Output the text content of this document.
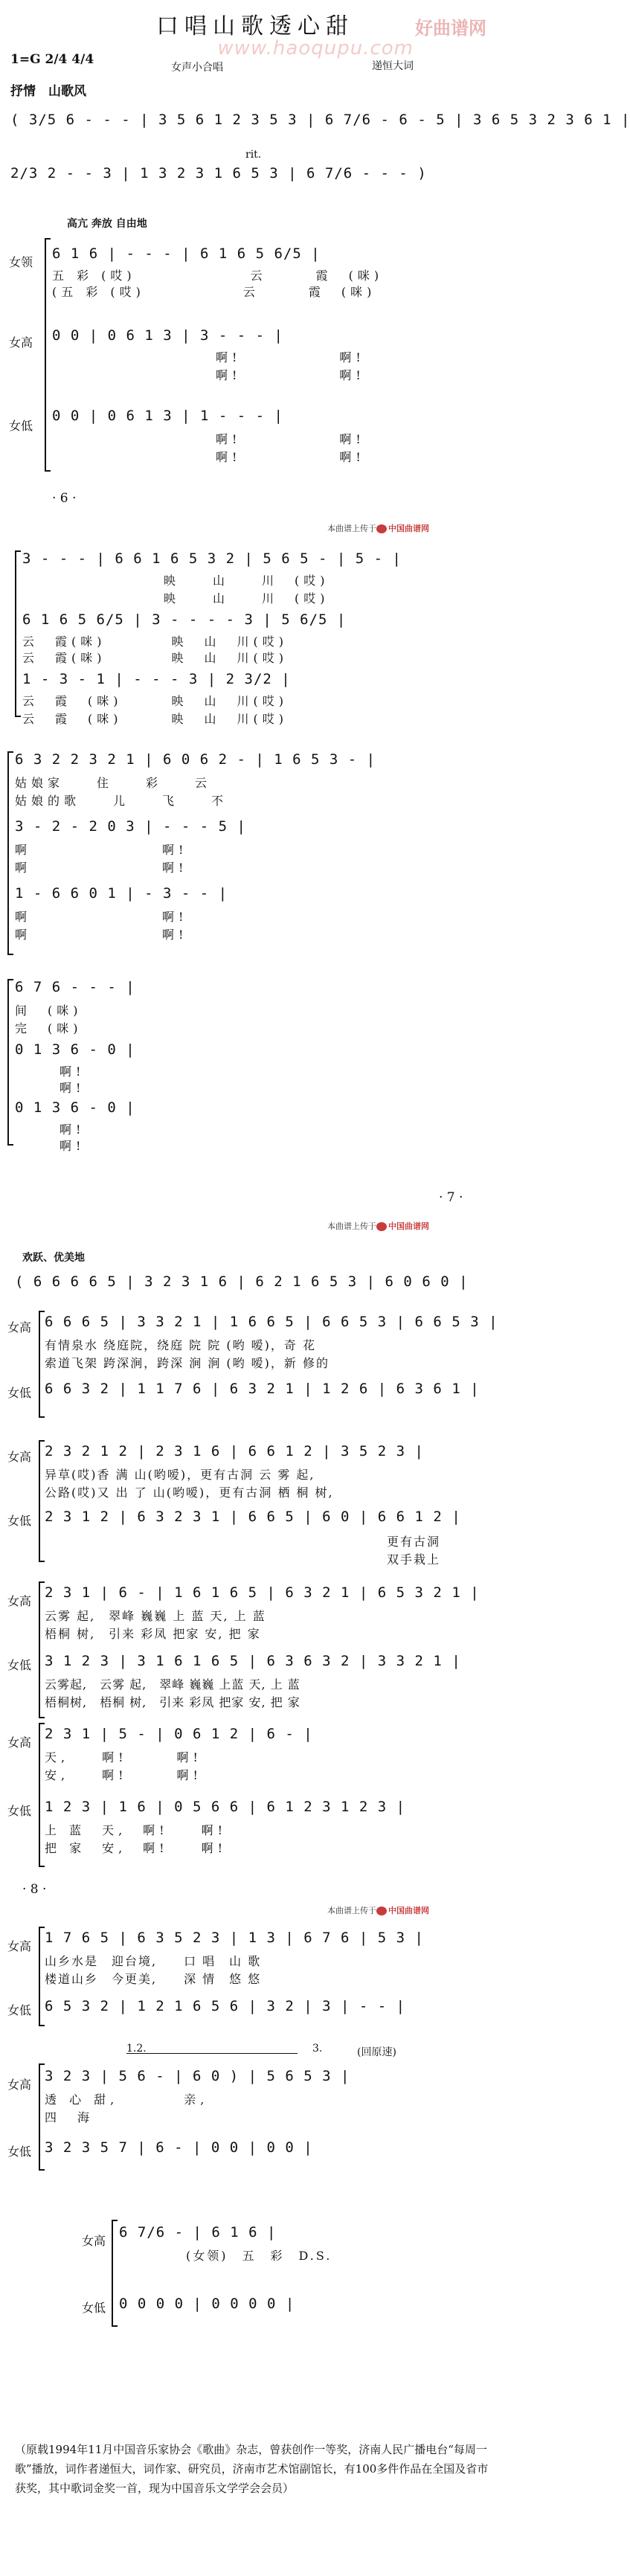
口唱山歌透心甜	好曲谱网
www.haoqupu.com
1=G 2/4 4/4
女声小合唱	递恒大词
抒情　山歌风
( 3/5 6 - - - | 3 5 6 1 2 3 5 3 | 6 7/6 - 6 - 5 | 3 6 5 3 2 3 6 1 |
2/3 2 - - 3 | 1 3 2 3 1 6 5 3 | 6 7/6 - - - )
rit.
高亢 奔放 自由地
女领
6 1 6 | - - - | 6 1 6 5 6/5 |
五 彩 (哎)　　　　　　　云　　　霞　(咪)
(五 彩 (哎)　　　　　　云　　　霞　(咪)
女高 0 0 | 0 6 1 3 | 3 - - - |
啊!　　　　　　啊!
啊!　　　　　　啊!
女低
0 0 | 0 6 1 3 | 1 - - - |
啊!　　　　　　啊!
啊!　　　　　　啊!
· 6 ·
本曲谱上传于 中国曲谱网
3 - - - | 6 6 1 6 5 3 2 | 5 6 5 - | 5 - |
映　　山　　川　(哎)
映　　山　　川　(哎)
6 1 6 5 6/5 | 3 - - - - 3 | 5 6/5 |
云　霞(咪)　　　　映　山　川(哎)
云　霞(咪)　　　　映　山　川(哎)
1 - 3 - 1 | - - - 3 | 2 3/2 |
云　霞　(咪)　　　映　山　川(哎)
云　霞　(咪)　　　映　山　川(哎)
6 3 2 2 3 2 1 | 6 0 6 2 - | 1 6 5 3 - |
姑娘家　　住　　彩　　云
姑娘的歌　　儿　　飞　　不
3 - 2 - 2 0 3 | - - - 5 |
啊　　　　　　　　啊!
啊　　　　　　　　啊!
1 - 6 6 0 1 | - 3 - - |
啊　　　　　　　　啊!
啊　　　　　　　　啊!
6 7 6 - - - |
间　(咪)
完　(咪)
0 1 3 6 - 0 |
啊!
啊!
0 1 3 6 - 0 |
啊!
啊!
· 7 ·
本曲谱上传于 中国曲谱网
欢跃、优美地
( 6 6 6 6 5 | 3 2 3 1 6 | 6 2 1 6 5 3 | 6 0 6 0 |
女高 6 6 6 5 | 3 3 2 1 | 1 6 6 5 | 6 6 5 3 | 6 6 5 3 |
有情泉水 绕庭院，绕庭 院 院 (哟 嗳)，奇 花
索道飞架 跨深涧，跨深 涧 涧 (哟 嗳)，新 修的
女低 6 6 3 2 | 1 1 7 6 | 6 3 2 1 | 1 2 6 | 6 3 6 1 |
女高 2 3 2 1 2 | 2 3 1 6 | 6 6 1 2 | 3 5 2 3 |
异草(哎)香 满 山(哟嗳)，更有古洞 云 雾 起,
公路(哎)又 出 了 山(哟嗳)，更有古洞 栖 桐 树,
女低 2 3 1 2 | 6 3 2 3 1 | 6 6 5 | 6 0 | 6 6 1 2 |
更有古洞
双手栽上
女高
2 3 1 | 6 - | 1 6 1 6 5 | 6 3 2 1 | 6 5 3 2 1 |
云雾 起,　翠峰 巍巍 上 蓝 天, 上 蓝
梧桐 树,　引来 彩凤 把家 安, 把 家
女低 3 1 2 3 | 3 1 6 1 6 5 | 6 3 6 3 2 | 3 3 2 1 |
云雾起,　云雾 起,　翠峰 巍巍 上蓝 天, 上 蓝
梧桐树,　梧桐 树,　引来 彩凤 把家 安, 把 家
女高
2 3 1 | 5 - | 0 6 1 2 | 6 - |
天,　　啊!　　　啊!
安,　　啊!　　　啊!
女低 1 2 3 | 1 6 | 0 5 6 6 | 6 1 2 3 1 2 3 |
上 蓝　天,　啊!　　啊!
把 家　安,　啊!　　啊!
· 8 ·
本曲谱上传于 中国曲谱网
女高
1 7 6 5 | 6 3 5 2 3 | 1 3 | 6 7 6 | 5 3 |
山乡水是　迎台境,　　口 唱　山 歌
楼道山乡　今更美,　　深 情　悠 悠
女低 6 5 3 2 | 1 2 1 6 5 6 | 3 2 | 3 | - - |
1.2.	3.	(回原速)
女高
3 2 3 | 5 6 - | 6 0 ) | 5 6 5 3 |
透 心 甜,　　　　亲,
四　海
女低 3 2 3 5 7 | 6 - | 0 0 | 0 0 |
女高
6 7/6 - | 6 1 6 |
(女领)　五　彩　D.S.
女低 0 0 0 0 | 0 0 0 0 |
（原载1994年11月中国音乐家协会《歌曲》杂志，曾获创作一等奖，济南人民广播电台“每周一歌”播放，词作者递恒大，词作家、研究员，济南市艺术馆副馆长，有100多件作品在全国及省市获奖，其中歌词金奖一首，现为中国音乐文学学会会员）
